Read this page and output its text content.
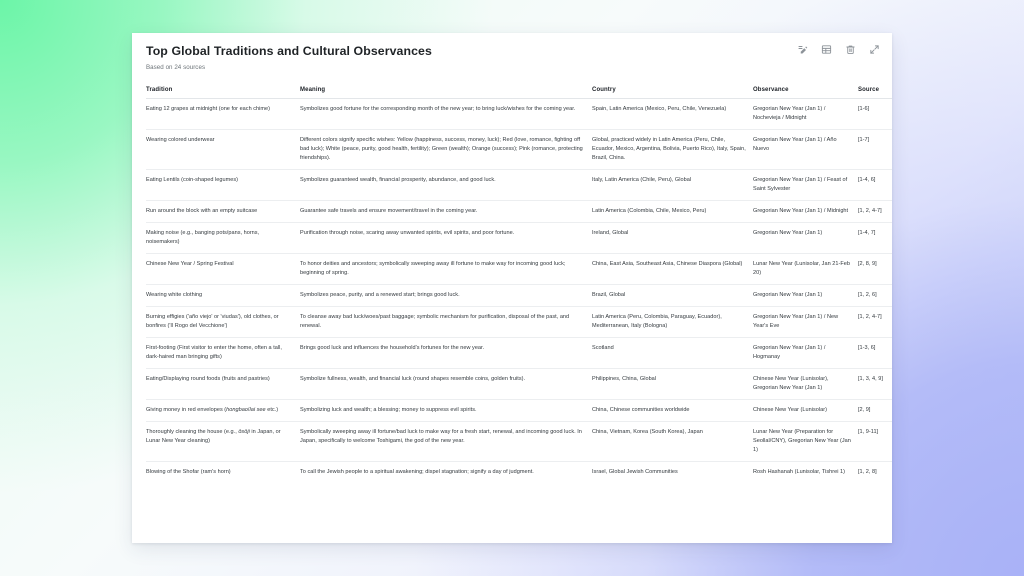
Top Global Traditions and Cultural Observances
Based on 24 sources
Tradition	Meaning	Country	Observance	Source
Eating 12 grapes at midnight (one for each chime)	Symbolizes good fortune for the corresponding month of the new year; to bring luck/wishes for the coming year.	Spain, Latin America (Mexico, Peru, Chile, Venezuela)	Gregorian New Year (Jan 1) / Nochevieja / Midnight	[1-6]
Wearing colored underwear	Different colors signify specific wishes: Yellow (happiness, success, money, luck); Red (love, romance, fighting off bad luck); White (peace, purity, good health, fertility); Green (wealth); Orange (success); Pink (romance, protecting friendships).	Global, practiced widely in Latin America (Peru, Chile, Ecuador, Mexico, Argentina, Bolivia, Puerto Rico), Italy, Spain, Brazil, China.	Gregorian New Year (Jan 1) / Año Nuevo	[1-7]
Eating Lentils (coin-shaped legumes)	Symbolizes guaranteed wealth, financial prosperity, abundance, and good luck.	Italy, Latin America (Chile, Peru), Global	Gregorian New Year (Jan 1) / Feast of Saint Sylvester	[1-4, 6]
Run around the block with an empty suitcase	Guarantee safe travels and ensure movement/travel in the coming year.	Latin America (Colombia, Chile, Mexico, Peru)	Gregorian New Year (Jan 1) / Midnight	[1, 2, 4-7]
Making noise (e.g., banging pots/pans, horns, noisemakers)	Purification through noise, scaring away unwanted spirits, evil spirits, and poor fortune.	Ireland, Global	Gregorian New Year (Jan 1)	[1-4, 7]
Chinese New Year / Spring Festival	To honor deities and ancestors; symbolically sweeping away ill fortune to make way for incoming good luck; beginning of spring.	China, East Asia, Southeast Asia, Chinese Diaspora (Global)	Lunar New Year (Lunisolar, Jan 21-Feb 20)	[2, 8, 9]
Wearing white clothing	Symbolizes peace, purity, and a renewed start; brings good luck.	Brazil, Global	Gregorian New Year (Jan 1)	[1, 2, 6]
Burning effigies ('año viejo' or 'viudas'), old clothes, or bonfires ('Il Rogo del Vecchione')	To cleanse away bad luck/woes/past baggage; symbolic mechanism for purification, disposal of the past, and renewal.	Latin America (Peru, Colombia, Paraguay, Ecuador), Mediterranean, Italy (Bologna)	Gregorian New Year (Jan 1) / New Year's Eve	[1, 2, 4-7]
First-footing (First visitor to enter the home, often a tall, dark-haired man bringing gifts)	Brings good luck and influences the household's fortunes for the new year.	Scotland	Gregorian New Year (Jan 1) / Hogmanay	[1-3, 6]
Eating/Displaying round foods (fruits and pastries)	Symbolize fullness, wealth, and financial luck (round shapes resemble coins, golden fruits).	Philippines, China, Global	Chinese New Year (Lunisolar), Gregorian New Year (Jan 1)	[1, 3, 4, 9]
Giving money in red envelopes (hongbao/lai see etc.)	Symbolizing luck and wealth; a blessing; money to suppress evil spirits.	China, Chinese communities worldwide	Chinese New Year (Lunisolar)	[2, 9]
Thoroughly cleaning the house (e.g., ōsōji in Japan, or Lunar New Year cleaning)	Symbolically sweeping away ill fortune/bad luck to make way for a fresh start, renewal, and incoming good luck. In Japan, specifically to welcome Toshigami, the god of the new year.	China, Vietnam, Korea (South Korea), Japan	Lunar New Year (Preparation for Seollal/CNY), Gregorian New Year (Jan 1)	[1, 9-11]
Blowing of the Shofar (ram's horn)	To call the Jewish people to a spiritual awakening; dispel stagnation; signify a day of judgment.	Israel, Global Jewish Communities	Rosh Hashanah (Lunisolar, Tishrei 1)	[1, 2, 8]
